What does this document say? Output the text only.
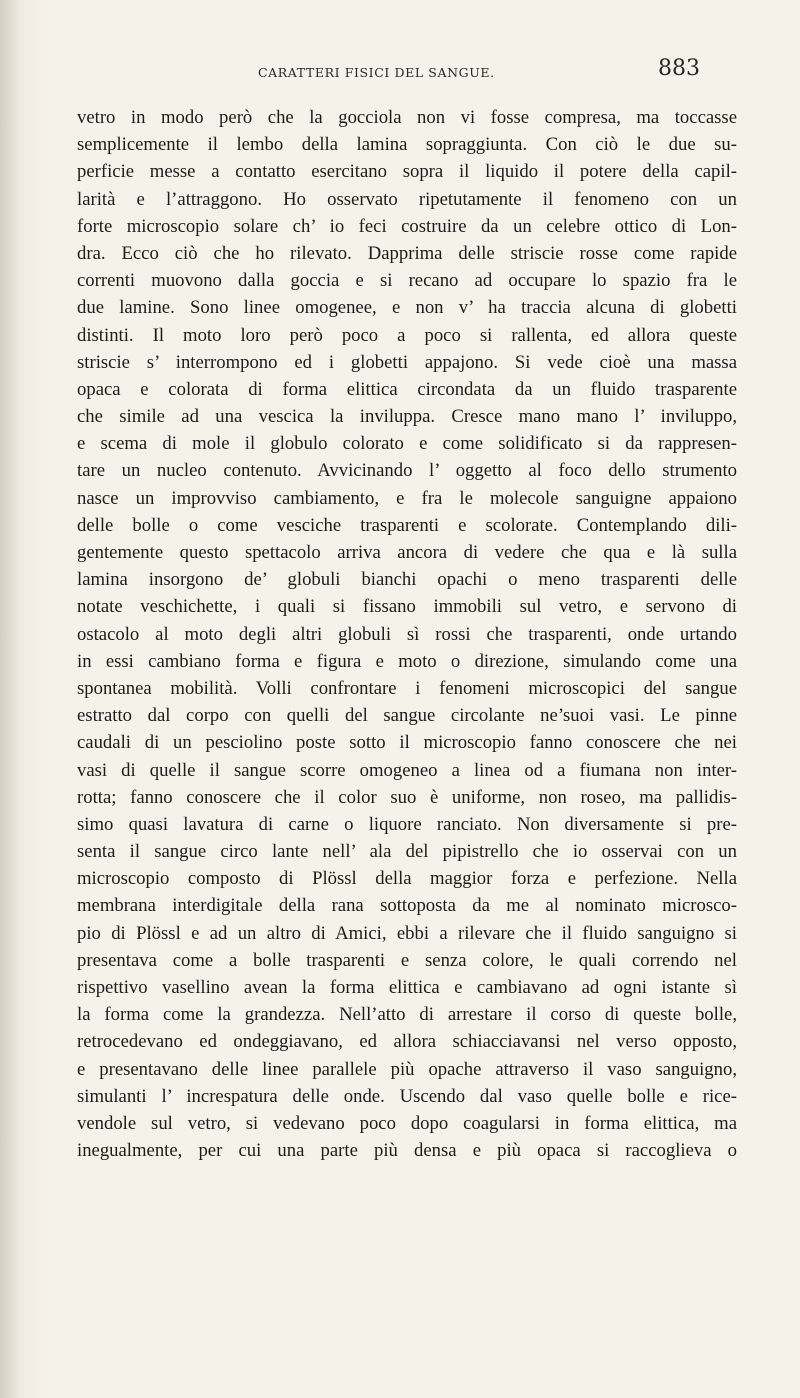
CARATTERI FISICI DEL SANGUE.	883
vetro in modo però che la gocciola non vi fosse compresa, ma toccasse
semplicemente il lembo della lamina sopraggiunta. Con ciò le due su-
perficie messe a contatto esercitano sopra il liquido il potere della capil-
larità e l’attraggono. Ho osservato ripetutamente il fenomeno con un
forte microscopio solare ch’ io feci costruire da un celebre ottico di Lon-
dra. Ecco ciò che ho rilevato. Dapprima delle striscie rosse come rapide
correnti muovono dalla goccia e si recano ad occupare lo spazio fra le
due lamine. Sono linee omogenee, e non v’ ha traccia alcuna di globetti
distinti. Il moto loro però poco a poco si rallenta, ed allora queste
striscie s’ interrompono ed i globetti appajono. Si vede cioè una massa
opaca e colorata di forma elittica circondata da un fluido trasparente
che simile ad una vescica la inviluppa. Cresce mano mano l’ inviluppo,
e scema di mole il globulo colorato e come solidificato si da rappresen-
tare un nucleo contenuto. Avvicinando l’ oggetto al foco dello strumento
nasce un improvviso cambiamento, e fra le molecole sanguigne appaiono
delle bolle o come vesciche trasparenti e scolorate. Contemplando dili-
gentemente questo spettacolo arriva ancora di vedere che qua e là sulla
lamina insorgono de’ globuli bianchi opachi o meno trasparenti delle
notate veschichette, i quali si fissano immobili sul vetro, e servono di
ostacolo al moto degli altri globuli sì rossi che trasparenti, onde urtando
in essi cambiano forma e figura e moto o direzione, simulando come una
spontanea mobilità. Volli confrontare i fenomeni microscopici del sangue
estratto dal corpo con quelli del sangue circolante ne’suoi vasi. Le pinne
caudali di un pesciolino poste sotto il microscopio fanno conoscere che nei
vasi di quelle il sangue scorre omogeneo a linea od a fiumana non inter-
rotta; fanno conoscere che il color suo è uniforme, non roseo, ma pallidis-
simo quasi lavatura di carne o liquore ranciato. Non diversamente si pre-
senta il sangue circo lante nell’ ala del pipistrello che io osservai con un
microscopio composto di Plössl della maggior forza e perfezione. Nella
membrana interdigitale della rana sottoposta da me al nominato microsco-
pio di Plössl e ad un altro di Amici, ebbi a rilevare che il fluido sanguigno si
presentava come a bolle trasparenti e senza colore, le quali correndo nel
rispettivo vasellino avean la forma elittica e cambiavano ad ogni istante sì
la forma come la grandezza. Nell’atto di arrestare il corso di queste bolle,
retrocedevano ed ondeggiavano, ed allora schiacciavansi nel verso opposto,
e presentavano delle linee parallele più opache attraverso il vaso sanguigno,
simulanti l’ increspatura delle onde. Uscendo dal vaso quelle bolle e rice-
vendole sul vetro, si vedevano poco dopo coagularsi in forma elittica, ma
inegualmente, per cui una parte più densa e più opaca si raccoglieva o
